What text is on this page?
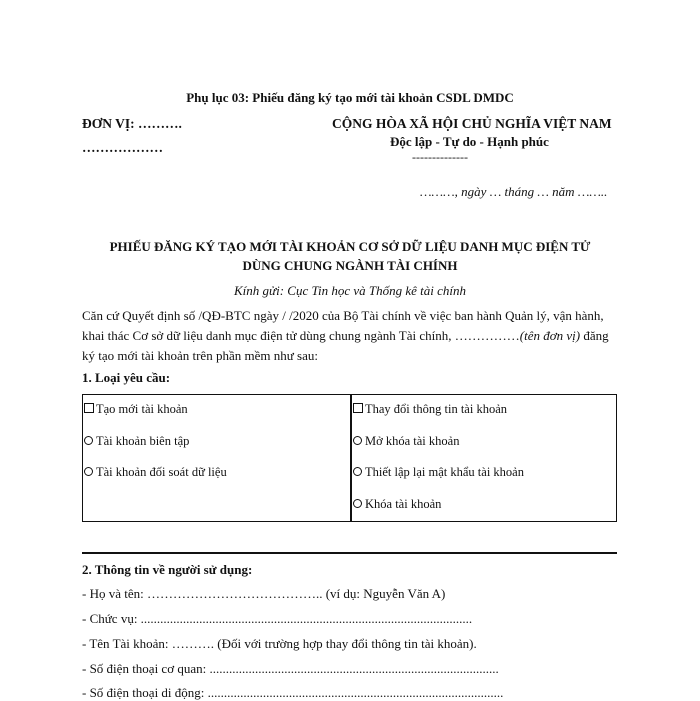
Phụ lục 03: Phiếu đăng ký tạo mới tài khoản CSDL DMDC
ĐƠN VỊ: ……….
………………
CỘNG HÒA XÃ HỘI CHỦ NGHĨA VIỆT NAM
Độc lập - Tự do - Hạnh phúc
--------------
………, ngày … tháng … năm ……..
PHIẾU ĐĂNG KÝ TẠO MỚI TÀI KHOẢN CƠ SỞ DỮ LIỆU DANH MỤC ĐIỆN TỬ
DÙNG CHUNG NGÀNH TÀI CHÍNH
Kính gửi: Cục Tin học và Thống kê tài chính
Căn cứ Quyết định số /QĐ-BTC ngày / /2020 của Bộ Tài chính về việc ban hành Quản lý, vận hành, khai thác Cơ sở dữ liệu danh mục điện tử dùng chung ngành Tài chính, ……………(tên đơn vị) đăng ký tạo mới tài khoản trên phần mềm như sau:
1. Loại yêu cầu:
Tạo mới tài khoản
Tài khoản biên tập
Tài khoản đối soát dữ liệu
Thay đổi thông tin tài khoản
Mở khóa tài khoản
Thiết lập lại mật khẩu tài khoản
Khóa tài khoản
2. Thông tin về người sử dụng:
- Họ và tên: ………………………………….. (ví dụ: Nguyễn Văn A)
- Chức vụ: ......................................................................................................
- Tên Tài khoản: ………. (Đối với trường hợp thay đổi thông tin tài khoản).
- Số điện thoại cơ quan: .........................................................................................
- Số điện thoại di động: ...........................................................................................
